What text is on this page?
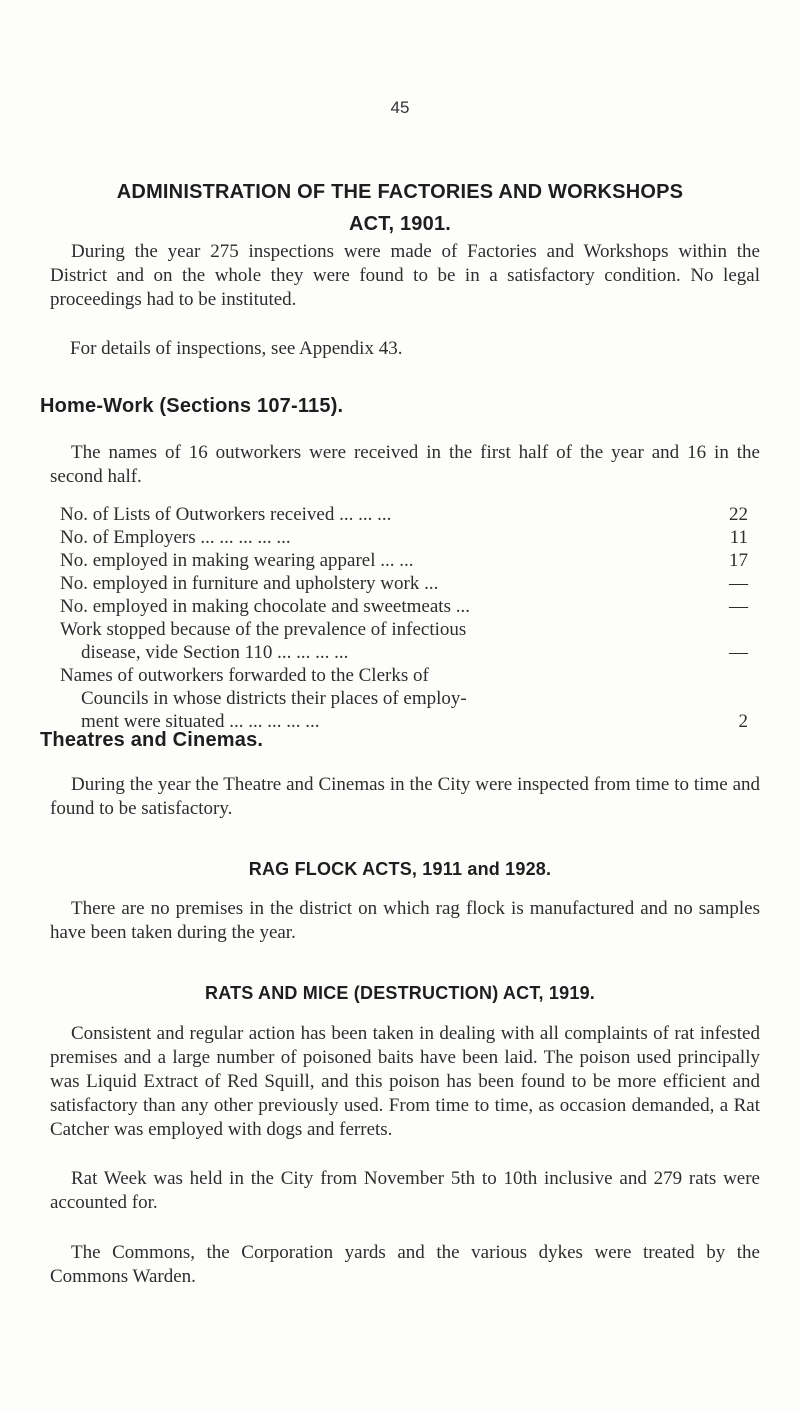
45
ADMINISTRATION OF THE FACTORIES AND WORKSHOPS
ACT, 1901.

During the year 275 inspections were made of Factories and Workshops within the District and on the whole they were found to be in a satisfactory condition. No legal proceedings had to be instituted.

For details of inspections, see Appendix 43.

Home-Work (Sections 107-115).

The names of 16 outworkers were received in the first half of the year and 16 in the second half.

No. of Lists of Outworkers received ... ... ...	22
No. of Employers ... ... ... ... ...	11
No. employed in making wearing apparel ... ...	17
No. employed in furniture and upholstery work ...	—
No. employed in making chocolate and sweetmeats ...	—
Work stopped because of the prevalence of infectious
disease, vide Section 110 ... ... ... ...	—
Names of outworkers forwarded to the Clerks of
Councils in whose districts their places of employ-
ment were situated ... ... ... ... ...	2
Theatres and Cinemas.

During the year the Theatre and Cinemas in the City were inspected from time to time and found to be satisfactory.

RAG FLOCK ACTS, 1911 and 1928.

There are no premises in the district on which rag flock is manufactured and no samples have been taken during the year.

RATS AND MICE (DESTRUCTION) ACT, 1919.

Consistent and regular action has been taken in dealing with all complaints of rat infested premises and a large number of poisoned baits have been laid. The poison used principally was Liquid Extract of Red Squill, and this poison has been found to be more efficient and satisfactory than any other previously used. From time to time, as occasion demanded, a Rat Catcher was employed with dogs and ferrets.

Rat Week was held in the City from November 5th to 10th inclusive and 279 rats were accounted for.

The Commons, the Corporation yards and the various dykes were treated by the Commons Warden.
